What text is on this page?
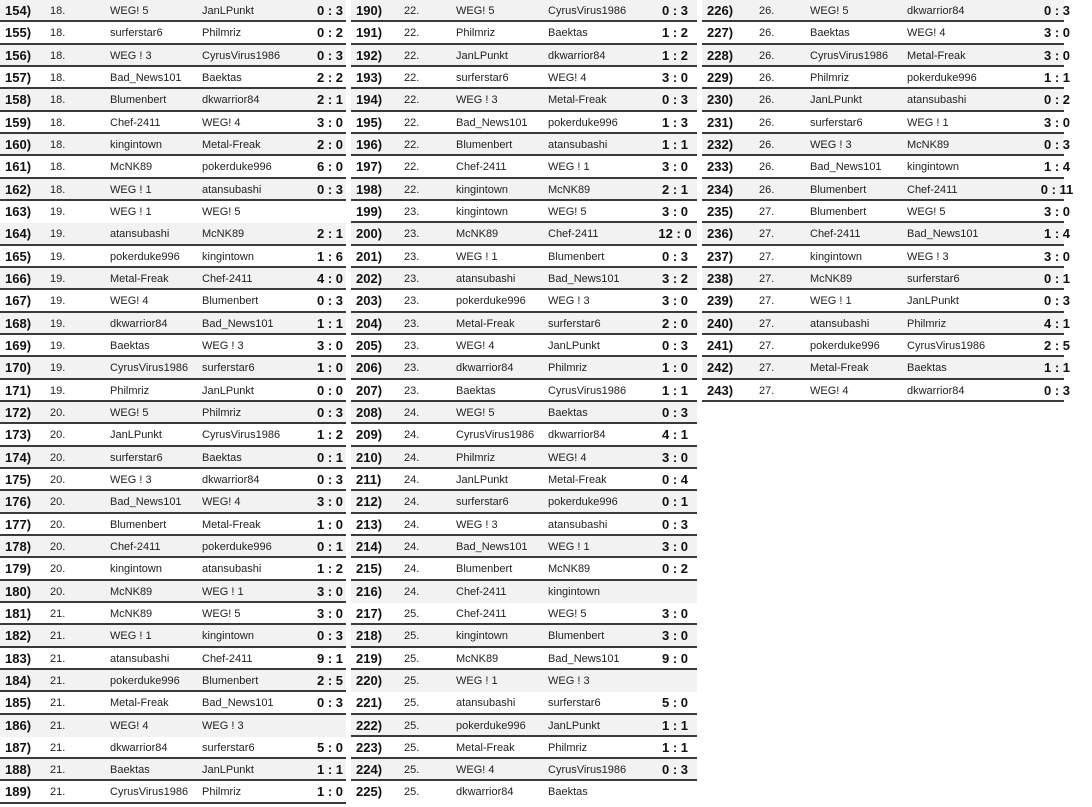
154) 18.	WEG! 5	JanLPunkt	0 : 3
155) 18.	surferstar6	Philmriz	0 : 2
156) 18.	WEG ! 3	CyrusVirus1986	0 : 3
157) 18.	Bad_News101	Baektas	2 : 2
158) 18.	Blumenbert	dkwarrior84	2 : 1
159) 18.	Chef-2411	WEG! 4	3 : 0
160) 18.	kingintown	Metal-Freak	2 : 0
161) 18.	McNK89	pokerduke996	6 : 0
162) 18.	WEG ! 1	atansubashi	0 : 3
163) 19.	WEG ! 1	WEG! 5
164) 19.	atansubashi	McNK89	2 : 1
165) 19.	pokerduke996	kingintown	1 : 6
166) 19.	Metal-Freak	Chef-2411	4 : 0
167) 19.	WEG! 4	Blumenbert	0 : 3
168) 19.	dkwarrior84	Bad_News101	1 : 1
169) 19.	Baektas	WEG ! 3	3 : 0
170) 19.	CyrusVirus1986	surferstar6	1 : 0
171) 19.	Philmriz	JanLPunkt	0 : 0
172) 20.	WEG! 5	Philmriz	0 : 3
173) 20.	JanLPunkt	CyrusVirus1986	1 : 2
174) 20.	surferstar6	Baektas	0 : 1
175) 20.	WEG ! 3	dkwarrior84	0 : 3
176) 20.	Bad_News101	WEG! 4	3 : 0
177) 20.	Blumenbert	Metal-Freak	1 : 0
178) 20.	Chef-2411	pokerduke996	0 : 1
179) 20.	kingintown	atansubashi	1 : 2
180) 20.	McNK89	WEG ! 1	3 : 0
181) 21.	McNK89	WEG! 5	3 : 0
182) 21.	WEG ! 1	kingintown	0 : 3
183) 21.	atansubashi	Chef-2411	9 : 1
184) 21.	pokerduke996	Blumenbert	2 : 5
185) 21.	Metal-Freak	Bad_News101	0 : 3
186) 21.	WEG! 4	WEG ! 3
187) 21.	dkwarrior84	surferstar6	5 : 0
188) 21.	Baektas	JanLPunkt	1 : 1
189) 21.	CyrusVirus1986	Philmriz	1 : 0
190) 22.	WEG! 5	CyrusVirus1986	0 : 3
191) 22.	Philmriz	Baektas	1 : 2
192) 22.	JanLPunkt	dkwarrior84	1 : 2
193) 22.	surferstar6	WEG! 4	3 : 0
194) 22.	WEG ! 3	Metal-Freak	0 : 3
195) 22.	Bad_News101	pokerduke996	1 : 3
196) 22.	Blumenbert	atansubashi	1 : 1
197) 22.	Chef-2411	WEG ! 1	3 : 0
198) 22.	kingintown	McNK89	2 : 1
199) 23.	kingintown	WEG! 5	3 : 0
200) 23.	McNK89	Chef-2411	12 : 0
201) 23.	WEG ! 1	Blumenbert	0 : 3
202) 23.	atansubashi	Bad_News101	3 : 2
203) 23.	pokerduke996	WEG ! 3	3 : 0
204) 23.	Metal-Freak	surferstar6	2 : 0
205) 23.	WEG! 4	JanLPunkt	0 : 3
206) 23.	dkwarrior84	Philmriz	1 : 0
207) 23.	Baektas	CyrusVirus1986	1 : 1
208) 24.	WEG! 5	Baektas	0 : 3
209) 24.	CyrusVirus1986	dkwarrior84	4 : 1
210) 24.	Philmriz	WEG! 4	3 : 0
211) 24.	JanLPunkt	Metal-Freak	0 : 4
212) 24.	surferstar6	pokerduke996	0 : 1
213) 24.	WEG ! 3	atansubashi	0 : 3
214) 24.	Bad_News101	WEG ! 1	3 : 0
215) 24.	Blumenbert	McNK89	0 : 2
216) 24.	Chef-2411	kingintown
217) 25.	Chef-2411	WEG! 5	3 : 0
218) 25.	kingintown	Blumenbert	3 : 0
219) 25.	McNK89	Bad_News101	9 : 0
220) 25.	WEG ! 1	WEG ! 3
221) 25.	atansubashi	surferstar6	5 : 0
222) 25.	pokerduke996	JanLPunkt	1 : 1
223) 25.	Metal-Freak	Philmriz	1 : 1
224) 25.	WEG! 4	CyrusVirus1986	0 : 3
225) 25.	dkwarrior84	Baektas
226) 26.	WEG! 5	dkwarrior84	0 : 3
227) 26.	Baektas	WEG! 4	3 : 0
228) 26.	CyrusVirus1986	Metal-Freak	3 : 0
229) 26.	Philmriz	pokerduke996	1 : 1
230) 26.	JanLPunkt	atansubashi	0 : 2
231) 26.	surferstar6	WEG ! 1	3 : 0
232) 26.	WEG ! 3	McNK89	0 : 3
233) 26.	Bad_News101	kingintown	1 : 4
234) 26.	Blumenbert	Chef-2411	0 : 11
235) 27.	Blumenbert	WEG! 5	3 : 0
236) 27.	Chef-2411	Bad_News101	1 : 4
237) 27.	kingintown	WEG ! 3	3 : 0
238) 27.	McNK89	surferstar6	0 : 1
239) 27.	WEG ! 1	JanLPunkt	0 : 3
240) 27.	atansubashi	Philmriz	4 : 1
241) 27.	pokerduke996	CyrusVirus1986	2 : 5
242) 27.	Metal-Freak	Baektas	1 : 1
243) 27.	WEG! 4	dkwarrior84	0 : 3
